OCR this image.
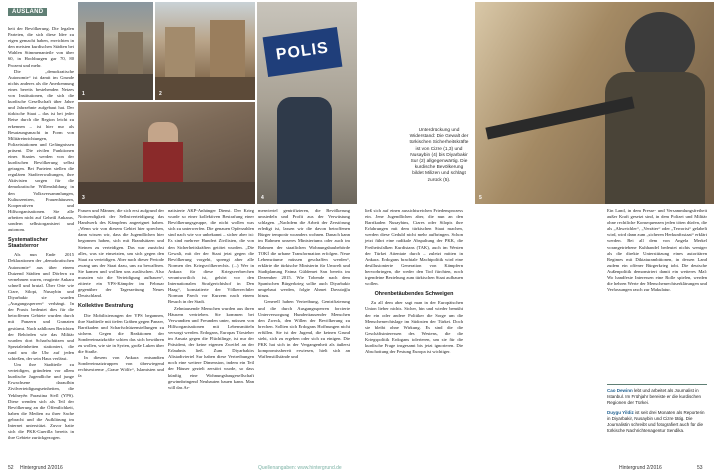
AUSLAND

heit der Bevölkerung. Die legalen Parteien, die sich diese Idee zu eigen gemacht haben, erreichten in den meisten kurdischen Städten bei Wahlen Stimmenanteile von über 60, in Hochburgen gar 70, 80 Prozent und mehr.

Die „demokratische Autonomie“ ist damit im Grunde nichts anderes als die Anerkennung eines bereits bestehenden Netzes von Institutionen, die sich die kurdische Gesellschaft über Jahre und Jahrzehnte aufgebaut hat. Der türkische Staat – das ist bei jeder Reise durch die Region leicht zu erkennen – ist hier nur als Besatzungsmacht in Form von Militäreinrichtungen, Polizeistationen und Gefängnissen präsent. Die zivilen Funktionen eines Staates werden von der kurdischen Bevölkerung selbst getragen. Bei Parteien stellen die regulären Stadtverwaltungen, ihre Aktivisten sorgen für die demokratische Willensbildung in den Volksversammlungen, Kulturzentren, Frauenhäusern, Kooperativen und Hilfsorganisationen. Sie alle arbeiten nicht auf Geheiß Ankaras, sondern selbstorganisiert und autonom.

Systematischer Staatsterror

Als nun Ende 2015 Deklarationen der „demokratischen Autonomie“ aus über einem Dutzend Städten und Dörfern zu vernehmen waren, reagierte Ankara schnell und brutal. Über Orte wie Cizre, Silopi, Nusaybin und Diyarbakir sie wurden „Ausgangssperren“ verhängt. In der Praxis bedeutet dies für die betroffenen Gebiete wurden durch mit Panzern und Granaten gestürmt. Nach zahllosen Berichten der Behörden wie das Militär wurden dort Scharfschützen und Spezialeinheiten stationiert, die rund um die Uhr auf jeden schießen, der sein Haus verlässt.

Um ihre Stadtteile zu verteidigen, gründeten vor allem kurdische Jugendliche und junge Erwachsene daraufhin Zivilverteidigungseinheiten, die Yekîneyên Parastina Sivîl (YPS). Diese wenden sich als Teil der Bevölkerung an die Öffentlichkeit, haben die Medien zu ihrer Sache gebracht und die Aufklärung im Internet unterstützt. Zuvor hatte sich die PKK-Guerilla bereits in ihre Gebiete zurückgezogen.

1	2
3

Frauen und Männer, die sich erst aufgrund der Notwendigkeit der Selbstverteidigung das Handwerk des Kämpfens angeeignet haben. „Wenn wir von diesem Gebiet hier sprechen, dann wissen wir, dass die Jugendlichen hier begonnen haben, sich mit Brandsätzen und Steinen zu verteidigen. Das war zunächst alles, was sie einsetzten, um sich gegen den Staat zu verteidigen. Aber nach dieser Periode zwang uns der Staat dazu, uns zu bewaffnen. Sie kamen und wollten uns auslöschen. Also mussten wir die Verteidigung aufbauen“, zitierte ein YPS-Kämpfer im Februar gegenüber der Tageszeitung Neues Deutschland.

Kollektive Bestrafung

Die Mobilisierungen der YPS begannen, ihre Stadtteile mit tiefen Gräben gegen Panzer, Barrikaden und Scharfschützenstellungen zu sichern. Gegen die Reaktionen der Sondereinsatzkräfte schien das sich bewähren zu wollen, wie sie in Syrien, große Luken über die Straße.

In diesem von Ankara entsandten Sondereinsatztruppen von überwiegend rechtsextreme „Graue Wölfe“, Islamisten und fa

natisierte AKP-Anhänger Dienst. Der Krieg wurde so einer kollektiven Bestrafung einer Bevölkerungsgruppe, die nicht wollen was sich zu unterwerfen. Die genauen Opferzahlen sind nach wie vor unbekannt – sicher aber ist: Es sind mehrere Hundert Zivilisten, die von den Sicherheitskräften getötet wurden. „Die Gewalt, mit der der Staat jetzt gegen die Bevölkerung vorgeht, sprengt aber alle Normen des Kriegsvölkerrechts. (...) Wer in Ankara für diese Kriegsverbrechen verantwortlich ist, gehört vor den Internationalen Strafgerichtshof in Den Haag“, konstatierte der Völkerrechtler Norman Paech vor Kurzem nach einem Besuch in der Stadt.

Zehntausende Menschen wurden aus ihren Häusern vertrieben. Sie kommen bei Verwandten und Freunden unter, müssen von Hilfsorganisationen mit Lebensmitteln versorgt werden. Erdogans, Europas Türsteher im Ansatz gegen die Flüchtlinge, ist nur der Präsident, der keine eigenen Zweifel an der Erlaubnis ließ. Zum Diyarbakirs Altstadtviertel Sur haben diese Vertreibungen noch eine weitere Dimension, indem ein Teil der Häuser gezielt zerstört wurde, so dass künftig eine Wohnungsbaugesellschaft gewinnbringend Neubauten bauen kann. Man will das Ar-

POLIS
4

menviertel gentrifizieren, die Bevölkerung umsiedeln und Profit aus der Verwüstung schlagen. „Nachdem die Arbeit der Zerstörung erledigt ist, lassen wir die davon betroffenen Bürger temporär woanders wohnen. Danach kann im Rahmen unseres Ministeriums oder auch im Rahmen der staatlichen Wohnungsbaubehörde TOKİ die urbane Transformation erfolgen. Neue Lebensräume müssen geschaffen werden“, erklärte die türkische Ministerin für Umwelt und Stadtplanung Fatma Güldemet Sarı bereits im Dezember 2015. Wie Tobende nach dem Spanischen Bürgerkrieg sollte auch Diyarbakir umgebaut werden, folgte Ahmet Davutoğlu hinzu.

Generell haben Vertreibung, Gentrifizierung und die durch Ausgangssperren forcierte Unterversorgung Hunderttausender Menschen den Zweck, den Willen der Bevölkerung zu brechen. Sollten sich Erdogans Hoffnungen nicht erfüllen. Sie ist der Jugend, die keinen Grund sieht, sich zu ergeben oder sich zu einigen. Die PKK hat sich in der Vergangenheit als äußerst kompromissbereit erwiesen, hielt sich an Waffenstillstände und

52 Hintergrund 2/2016	Quellenangaben: www.hintergrund.de
Unterdrückung und Widerstand: Die Gewalt der türkischen Sicherheitskräfte ist von Cizre (1,3) und Nusaybin (4) bis Diyarbakir Sur (2) allgegenwärtig. Die kurdische Bevölkerung bildet Milizen und schlägt zurück (5).
5

ließ sich auf einen aussichtsreichen Friedensprozess ein. Jene Jugendlichen aber, die nun an den Barrikaden Nusaybins, Cizres oder Silopis ihre Erfahrungen mit dem türkischen Staat machen, werden diese Geduld nicht mehr aufbringen. Schon jetzt führt eine radikale Abspaltung der PKK, die Freiheitsfalken Kurdistans (TAK), auch im Westen der Türkei Attentate durch – zuletzt mitten in Ankara. Erdogans brachiale Machtpolitik wird eine desillusionierte Generation von Kämpfern hervorbringen, die weder den Tod fürchten, noch irgendeine Beziehung zum türkischen Staat aufbauen wollen.

Ohrenbetäubendes Schweigen

Zu all dem aber sagt man in der Europäischen Union lieber nichts. Sicher, hin und wieder bemüht der ein oder andere Politiker die Sorge um die Menschenrechtslage im Südosten der Türkei. Doch sie bleibt ohne Wirkung. Es sind die die Geschäftsinteressen des Westens, die die Kriegspolitik Erdogans tolerieren, um sie für die kurdische Frage insgesamt bis jetzt ignorieren. Die Abschottung der Festung Europa ist wichtiger.

Ein Land, in dem Presse- und Versammlungsfreiheit außer Kraft gesetzt sind, in dem Polizei und Militär ohne rechtliche Konsequenzen jeden töten dürfen, die als „Abweichler“, „Verräter“ oder „Terrorist“ gelabelt wird, wird dann zum „sicheren Herkunftsstaat“ erklärt werden. Bei all dem von Angela Merkel vorangetriebene Kuhhandel bedeutet nichts weniger als die direkte Unterstützung eines autoritären Regimes mit Diktaturambitionen, in dessen Land zudem ein offener Bürgerkrieg tobt. Die deutsche Außenpolitik demonstriert damit ein weiteres Mal: Wo handfeste Interessen eine Rolle spielen, werden die hehren Werte der Menschenrechtserklärungen und Verfassungen rasch zur Makulatur.

Cao Dewinn lebt und arbeitet als Journalist in Istanbul. Im Frühjahr bereiste er die kurdischen Regionen der Türkei.

Duygu Yildiz ist seit drei Monaten als Reporterin in Diyarbakir, Nusaybin und Cizre tätig. Die Journalistin schreibt und fotografiert auch für die türkische Nachrichtenagentur Sendika.

Hintergrund 2/2016	53
